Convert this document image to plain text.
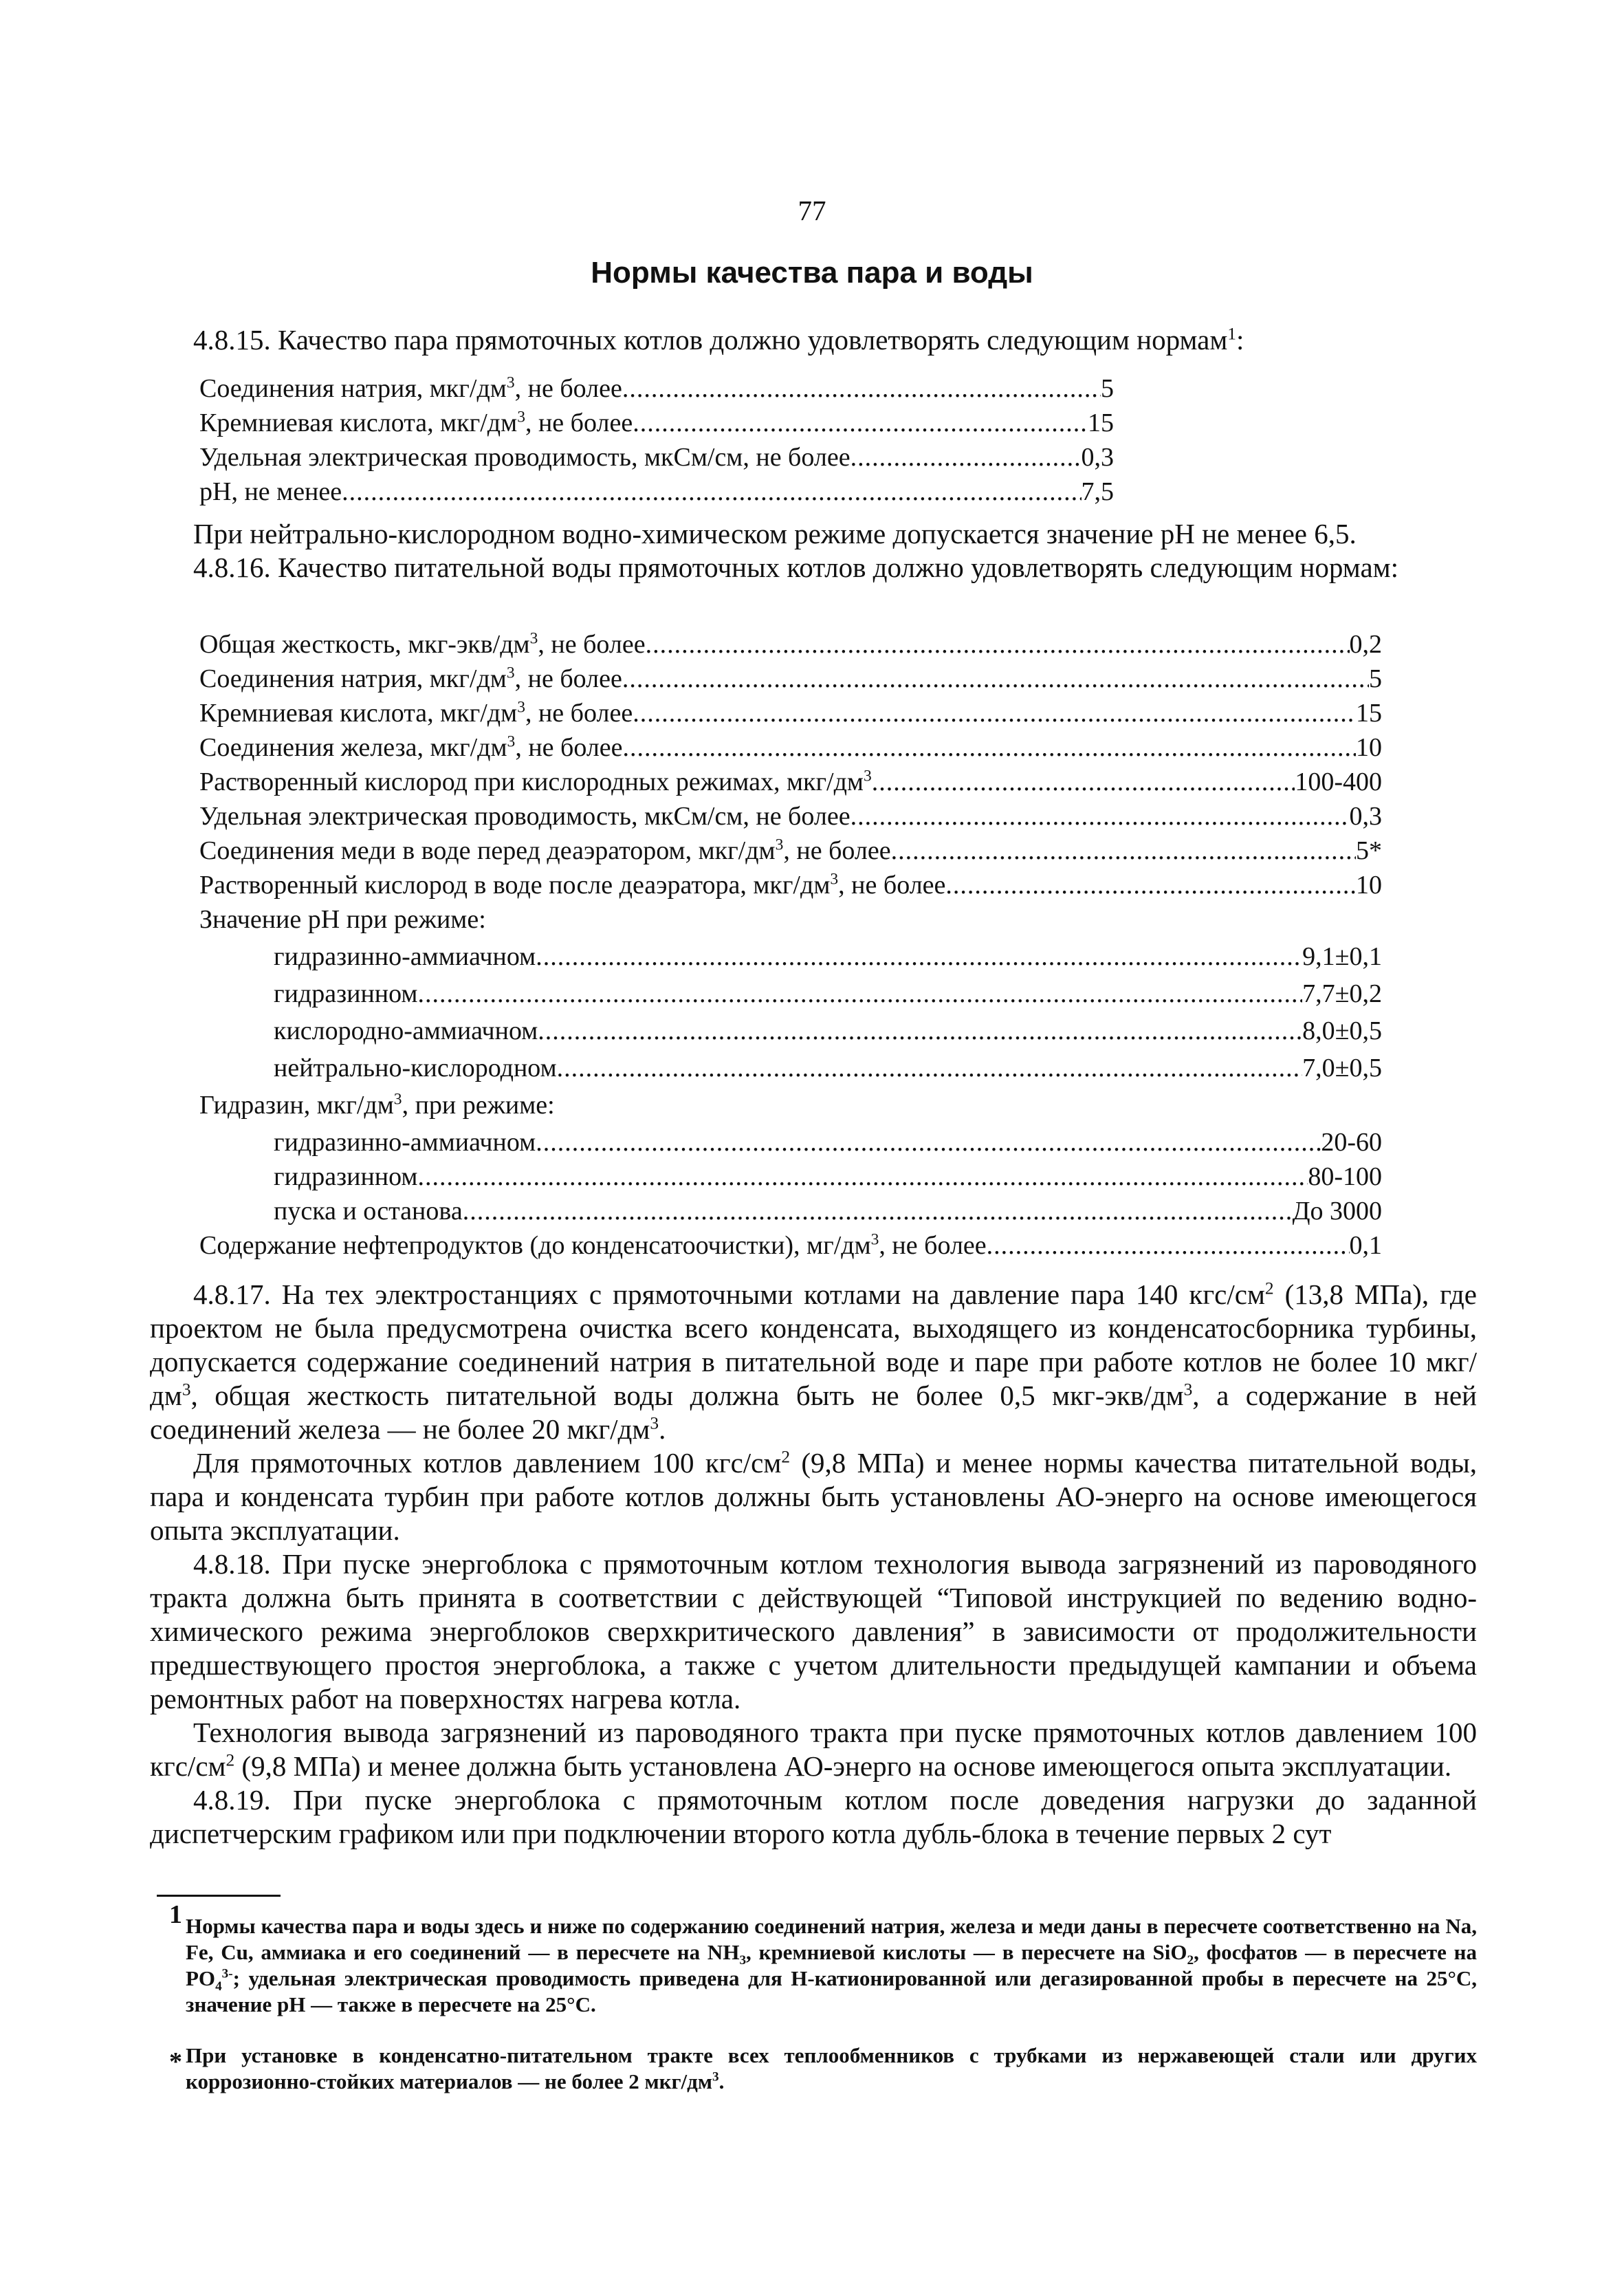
77
Нормы качества пара и воды
4.8.15. Качество пара прямоточных котлов должно удовлетворять следующим нормам$^1$:
Соединения натрия, мкг/$дм^3$, не более .....	5
Кремниевая кислота, мкг/$дм^3$, не более .....	15
Удельная электрическая проводимость, мкСм/см, не более .....	0,3
pH, не менее .....	7,5
При нейтрально-кислородном водно-химическом режиме допускается значение pH не менее 6,5.
4.8.16. Качество питательной воды прямоточных котлов должно удовлетворять следующим нормам:
Общая жесткость, мкг-$экв/дм^3$, не более .....	0,2
Соединения натрия, мкг/$дм^3$, не более .....	5
Кремниевая кислота, мкг/$дм^3$, не более .....	15
Соединения железа, мкг/$дм^3$, не более .....	10
Растворенный кислород при кислородных режимах, мкг/$дм^3$ .....	100-400
Удельная электрическая проводимость, мкСм/см, не более .....	0,3
Соединения меди в воде перед деаэратором, мкг/$дм^3$, не более .....	5*
Растворенный кислород в воде после деаэратора, мкг/$дм^3$, не более .....	10
Значение pH при режиме:
гидразинно-аммиачном .....	9,1±0,1
гидразинном .....	7,7±0,2
кислородно-аммиачном .....	8,0±0,5
нейтрально-кислородном .....	7,0±0,5
Гидразин, мкг/$дм^3$, при режиме:
гидразинно-аммиачном .....	20-60
гидразинном .....	80-100
пуска и останова .....	До 3000
Содержание нефтепродуктов (до конденсатоочистки), $мг/дм^3$, не более .....	0,1

4.8.17. На тех электростанциях с прямоточными котлами на давление пара 140 кгс/$см^2$ (13,8 МПа), где проектом не была предусмотрена очистка всего конденсата, выходящего из конденсатосборника турбины, допускается содержание соединений натрия в питательной воде и паре при работе котлов не более 10 мкг/$дм^3$, общая жесткость питательной воды должна быть не более 0,5 мкг-$экв/дм^3$, а содержание в ней соединений железа — не более 20 мкг/$дм^3$.

Для прямоточных котлов давлением 100 кгс/$см^2$ (9,8 МПа) и менее нормы качества питательной воды, пара и конденсата турбин при работе котлов должны быть установлены АО-энерго на основе имеющегося опыта эксплуатации.

4.8.18. При пуске энергоблока с прямоточным котлом технология вывода загрязнений из пароводяного тракта должна быть принята в соответствии с действующей “Типовой инструкцией по ведению водно-химического режима энергоблоков сверхкритического давления” в зависимости от продолжительности предшествующего простоя энергоблока, а также с учетом длительности предыдущей кампании и объема ремонтных работ на поверхностях нагрева котла.

Технология вывода загрязнений из пароводяного тракта при пуске прямоточных котлов давлением 100 кгс/$см^2$ (9,8 МПа) и менее должна быть установлена АО-энерго на основе имеющегося опыта эксплуатации.

4.8.19. При пуске энергоблока с прямоточным котлом после доведения нагрузки до заданной диспетчерским графиком или при подключении второго котла дубль-блока в течение первых 2 сут

1 Нормы качества пара и воды здесь и ниже по содержанию соединений натрия, железа и меди даны в пересчете соответственно на Na, Fe, Cu, аммиака и его соединений — в пересчете на $NH_3$, кремниевой кислоты — в пересчете на SiO$_2$, фосфатов — в пересчете на $PO_4^{3-}$; удельная электрическая проводимость приведена для Н-катионированной или дегазированной пробы в пересчете на 25°С, значение pH — также в пересчете на 25°С.
* При установке в конденсатно-питательном тракте всех теплообменников с трубками из нержавеющей стали или других коррозионно-стойких материалов — не более 2 мкг/$дм^3$.
